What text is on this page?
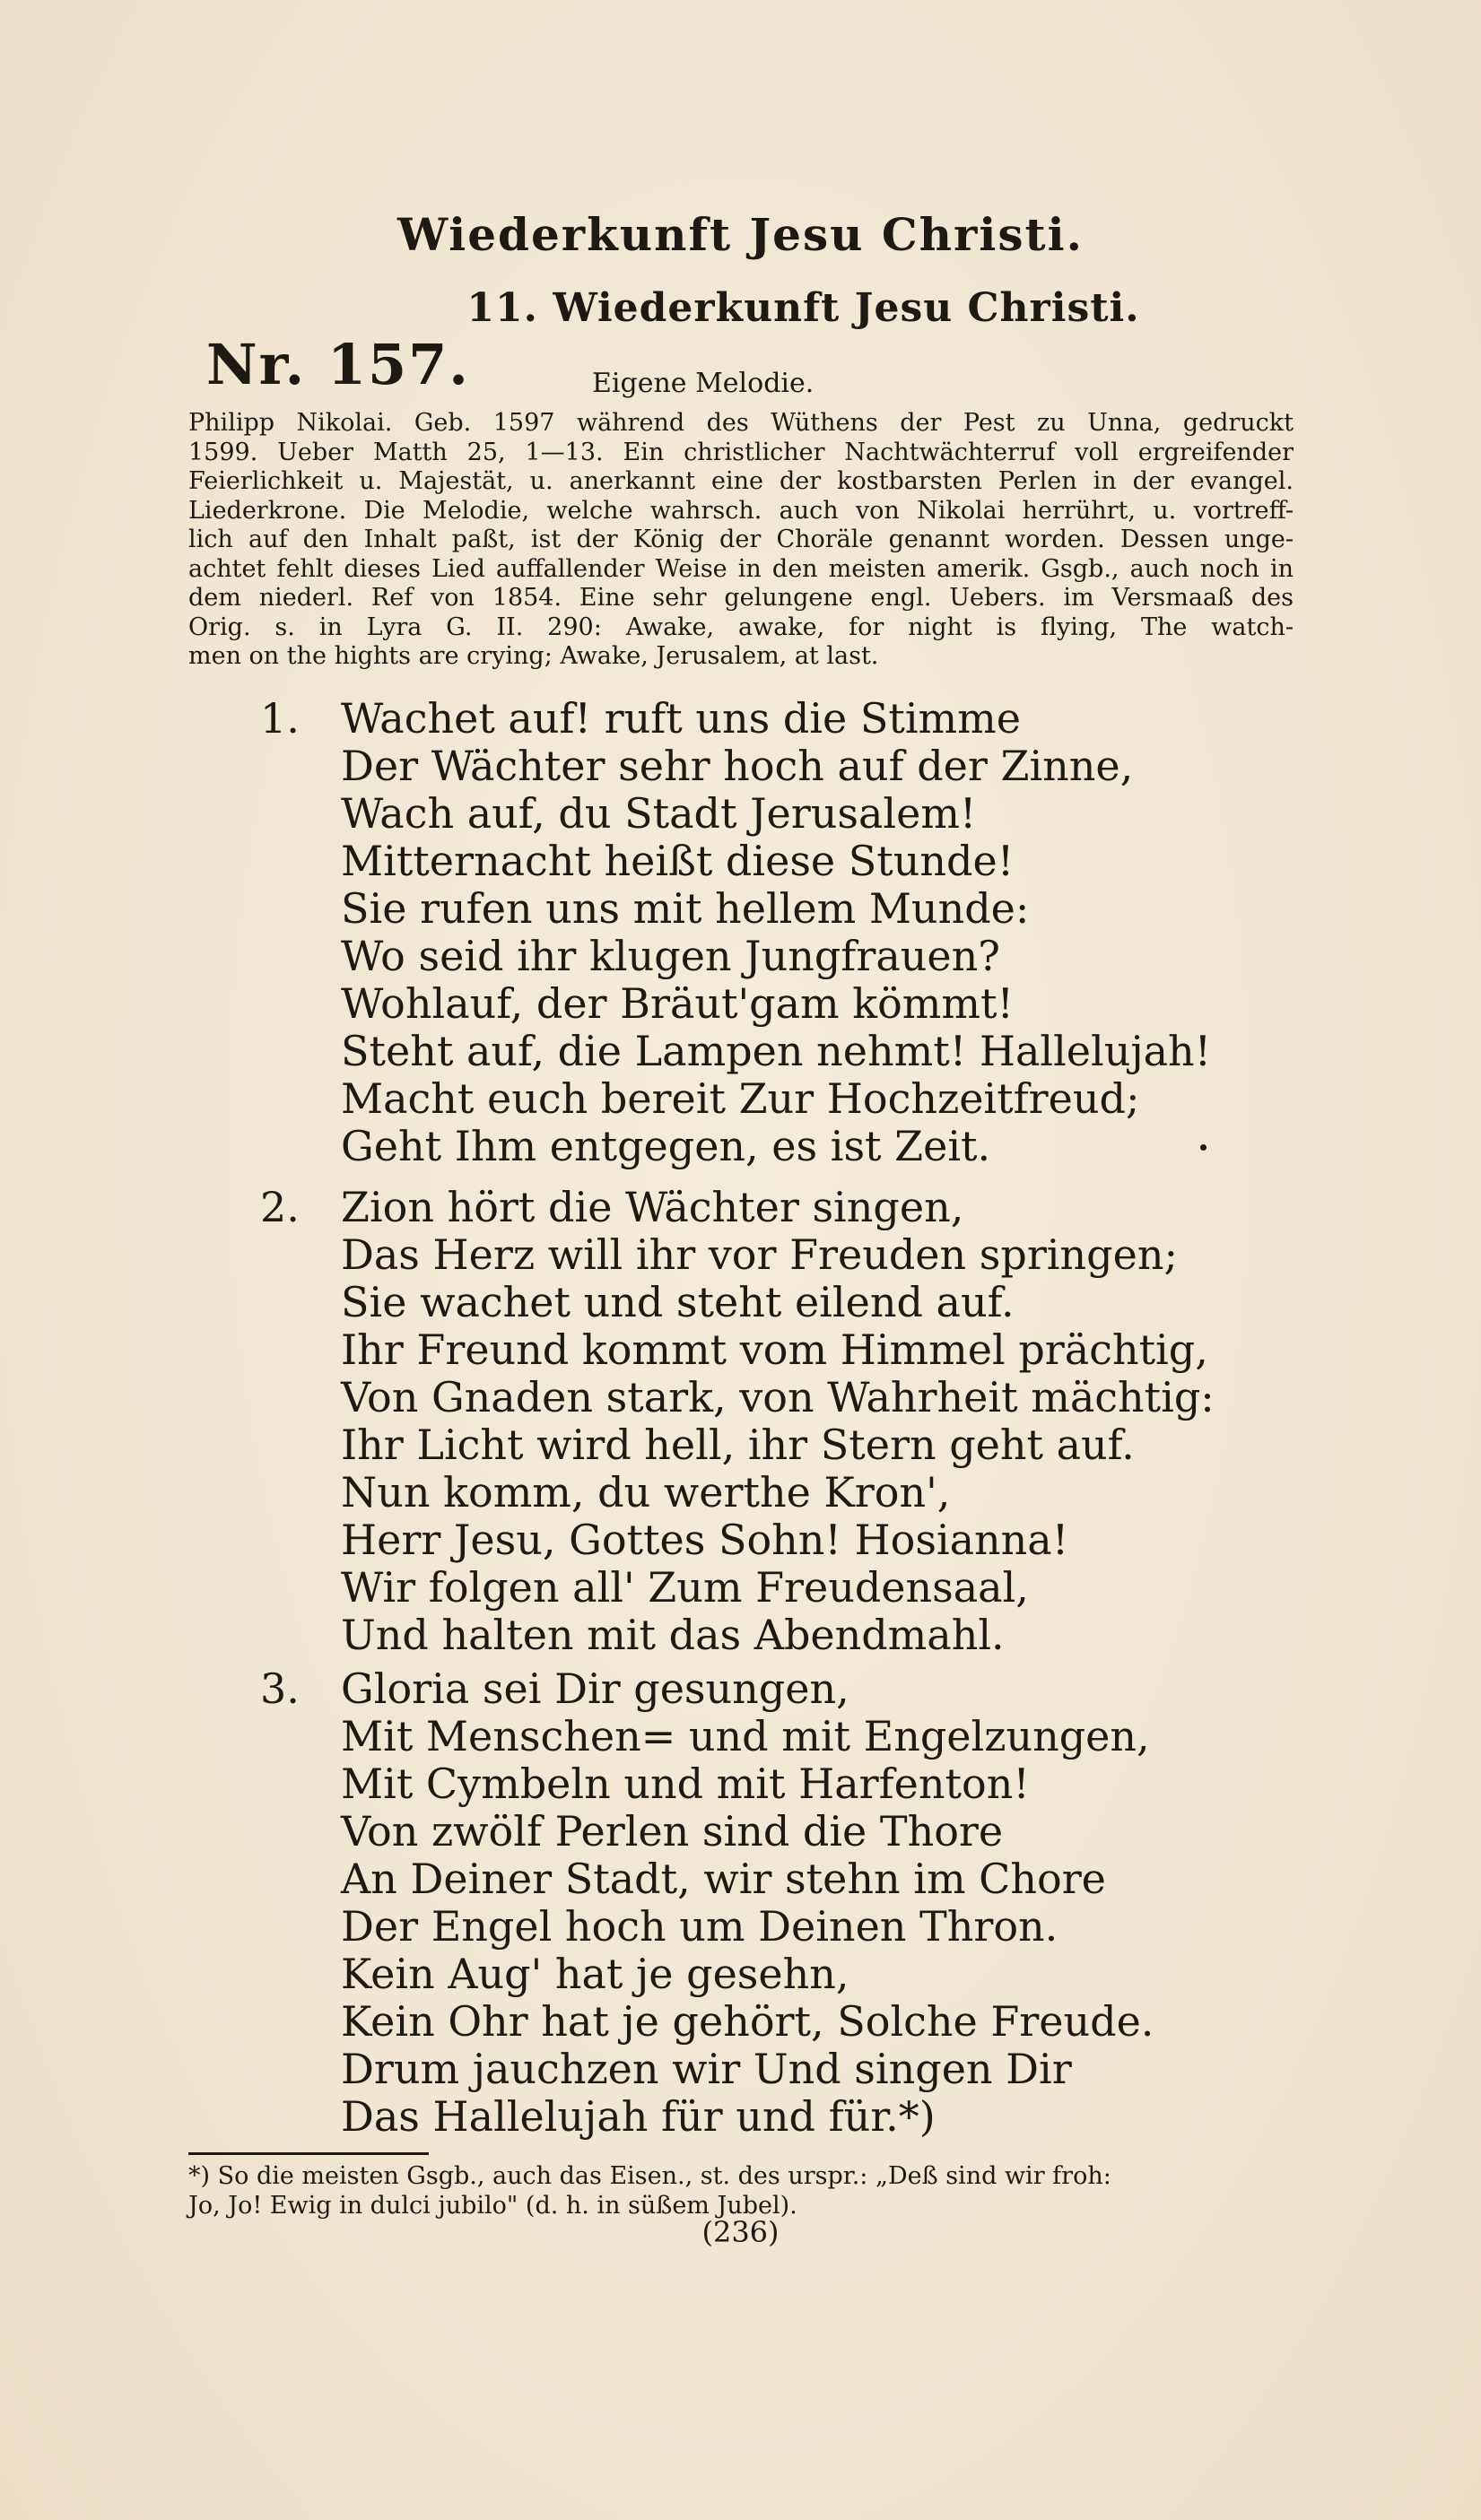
Wiederkunft Jesu Christi.
11. Wiederkunft Jesu Christi.
Nr. 157.	Eigene Melodie.
Philipp Nikolai. Geb. 1597 während des Wüthens der Pest zu Unna, gedruckt
1599. Ueber Matth 25, 1—13. Ein christlicher Nachtwächterruf voll ergreifender
Feierlichkeit u. Majestät, u. anerkannt eine der kostbarsten Perlen in der evangel.
Liederkrone. Die Melodie, welche wahrsch. auch von Nikolai herrührt, u. vortreff-
lich auf den Inhalt paßt, ist der König der Choräle genannt worden. Dessen unge-
achtet fehlt dieses Lied auffallender Weise in den meisten amerik. Gsgb., auch noch in
dem niederl. Ref von 1854. Eine sehr gelungene engl. Uebers. im Versmaaß des
Orig. s. in Lyra G. II. 290: Awake, awake, for night is flying, The watch-
men on the hights are crying; Awake, Jerusalem, at last.
1.	Wachet auf! ruft uns die Stimme
Der Wächter sehr hoch auf der Zinne,
Wach auf, du Stadt Jerusalem!
Mitternacht heißt diese Stunde!
Sie rufen uns mit hellem Munde:
Wo seid ihr klugen Jungfrauen?
Wohlauf, der Bräut'gam kömmt!
Steht auf, die Lampen nehmt! Hallelujah!
Macht euch bereit Zur Hochzeitfreud;
Geht Ihm entgegen, es ist Zeit.
2.	Zion hört die Wächter singen,
Das Herz will ihr vor Freuden springen;
Sie wachet und steht eilend auf.
Ihr Freund kommt vom Himmel prächtig,
Von Gnaden stark, von Wahrheit mächtig:
Ihr Licht wird hell, ihr Stern geht auf.
Nun komm, du werthe Kron',
Herr Jesu, Gottes Sohn! Hosianna!
Wir folgen all' Zum Freudensaal,
Und halten mit das Abendmahl.
3.	Gloria sei Dir gesungen,
Mit Menschen= und mit Engelzungen,
Mit Cymbeln und mit Harfenton!
Von zwölf Perlen sind die Thore
An Deiner Stadt, wir stehn im Chore
Der Engel hoch um Deinen Thron.
Kein Aug' hat je gesehn,
Kein Ohr hat je gehört, Solche Freude.
Drum jauchzen wir Und singen Dir
Das Hallelujah für und für.*)
*) So die meisten Gsgb., auch das Eisen., st. des urspr.: „Deß sind wir froh:
Jo, Jo! Ewig in dulci jubilo" (d. h. in süßem Jubel).
(236)
